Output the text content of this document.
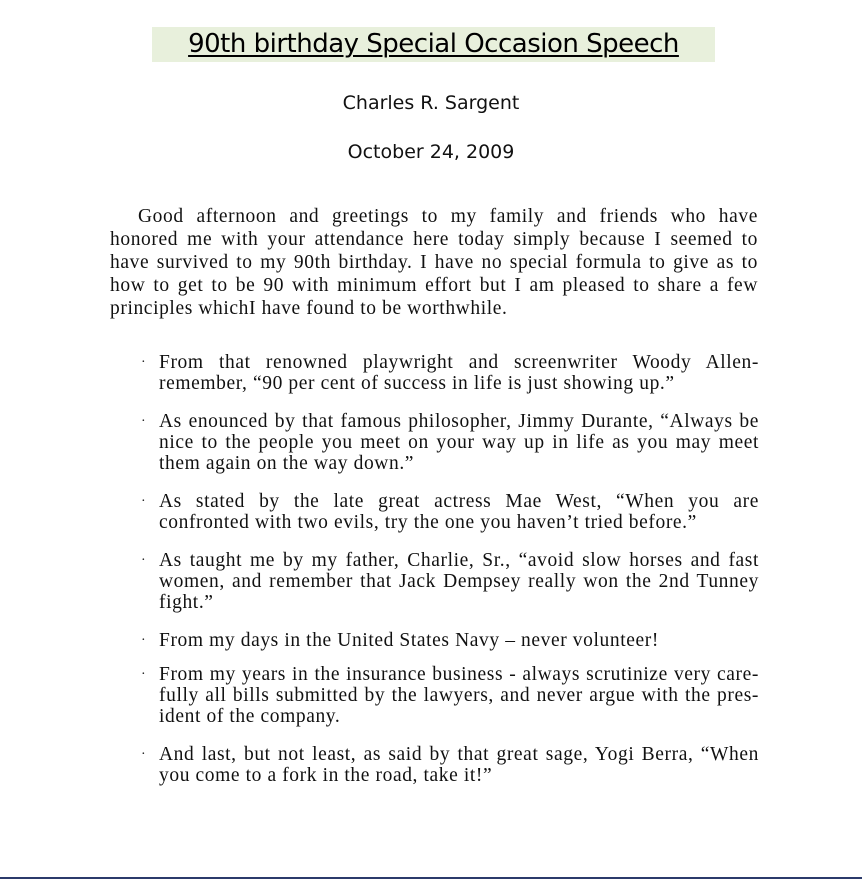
90th birthday Special Occasion Speech

Charles R. Sargent

October 24, 2009

Good afternoon and greetings to my family and friends who have honored me with your attendance here today simply because I seemed to have survived to my 90th birthday. I have no special formula to give as to how to get to be 90 with minimum effort but I am pleased to share a few principles whichI have found to be worthwhile.

· From that renowned playwright and screenwriter Woody Allen- remember, “90 per cent of success in life is just showing up.”
· As enounced by that famous philosopher, Jimmy Durante, “Always be nice to the people you meet on your way up in life as you may meet them again on the way down.”
· As stated by the late great actress Mae West, “When you are confronted with two evils, try the one you haven’t tried before.”
· As taught me by my father, Charlie, Sr., “avoid slow horses and fast women, and remember that Jack Dempsey really won the 2nd Tunney fight.”
· From my days in the United States Navy – never volunteer!
· From my years in the insurance business - always scrutinize very care- fully all bills submitted by the lawyers, and never argue with the pres- ident of the company.
· And last, but not least, as said by that great sage, Yogi Berra, “When you come to a fork in the road, take it!”
